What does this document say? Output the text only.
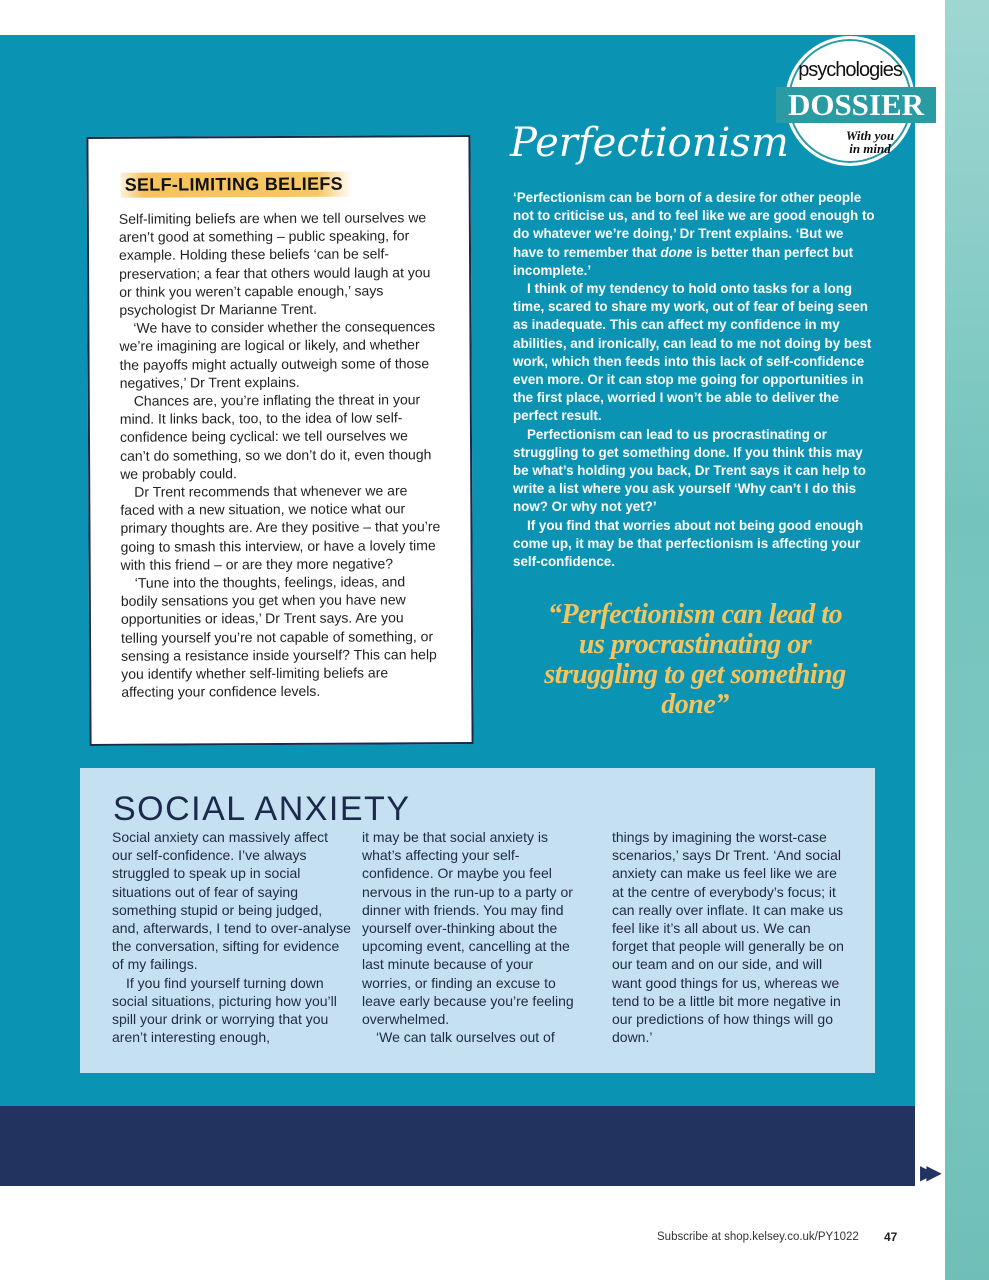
psychologies
DOSSIER
With you
in mind
SELF-LIMITING BELIEFS

Self-limiting beliefs are when we tell ourselves we aren’t good at something – public speaking, for example. Holding these beliefs ‘can be self-preservation; a fear that others would laugh at you or think you weren’t capable enough,’ says psychologist Dr Marianne Trent.

‘We have to consider whether the consequences we’re imagining are logical or likely, and whether the payoffs might actually outweigh some of those negatives,’ Dr Trent explains.

Chances are, you’re inflating the threat in your mind. It links back, too, to the idea of low self-confidence being cyclical: we tell ourselves we can’t do something, so we don’t do it, even though we probably could.

Dr Trent recommends that whenever we are faced with a new situation, we notice what our primary thoughts are. Are they positive – that you’re going to smash this interview, or have a lovely time with this friend – or are they more negative?

‘Tune into the thoughts, feelings, ideas, and bodily sensations you get when you have new opportunities or ideas,’ Dr Trent says. Are you telling yourself you’re not capable of something, or sensing a resistance inside yourself? This can help you identify whether self-limiting beliefs are affecting your confidence levels.

Perfectionism

‘Perfectionism can be born of a desire for other people not to criticise us, and to feel like we are good enough to do whatever we’re doing,’ Dr Trent explains. ‘But we have to remember that done is better than perfect but incomplete.’

I think of my tendency to hold onto tasks for a long time, scared to share my work, out of fear of being seen as inadequate. This can affect my confidence in my abilities, and ironically, can lead to me not doing by best work, which then feeds into this lack of self-confidence even more. Or it can stop me going for opportunities in the first place, worried I won’t be able to deliver the perfect result.

Perfectionism can lead to us procrastinating or struggling to get something done. If you think this may be what’s holding you back, Dr Trent says it can help to write a list where you ask yourself ‘Why can’t I do this now? Or why not yet?’

If you find that worries about not being good enough come up, it may be that perfectionism is affecting your self-confidence.

“Perfectionism can lead to us procrastinating or struggling to get something done”
SOCIAL ANXIETY

Social anxiety can massively affect our self-confidence. I’ve always struggled to speak up in social situations out of fear of saying something stupid or being judged, and, afterwards, I tend to over-analyse the conversation, sifting for evidence of my failings.

If you find yourself turning down social situations, picturing how you’ll spill your drink or worrying that you aren’t interesting enough,

it may be that social anxiety is what’s affecting your self-confidence. Or maybe you feel nervous in the run-up to a party or dinner with friends. You may find yourself over-thinking about the upcoming event, cancelling at the last minute because of your worries, or finding an excuse to leave early because you’re feeling overwhelmed.

‘We can talk ourselves out of

things by imagining the worst-case scenarios,’ says Dr Trent. ‘And social anxiety can make us feel like we are at the centre of everybody’s focus; it can really over inflate. It can make us feel like it’s all about us. We can forget that people will generally be on our team and on our side, and will want good things for us, whereas we tend to be a little bit more negative in our predictions of how things will go down.’

▶▶
Subscribe at shop.kelsey.co.uk/PY1022 47
